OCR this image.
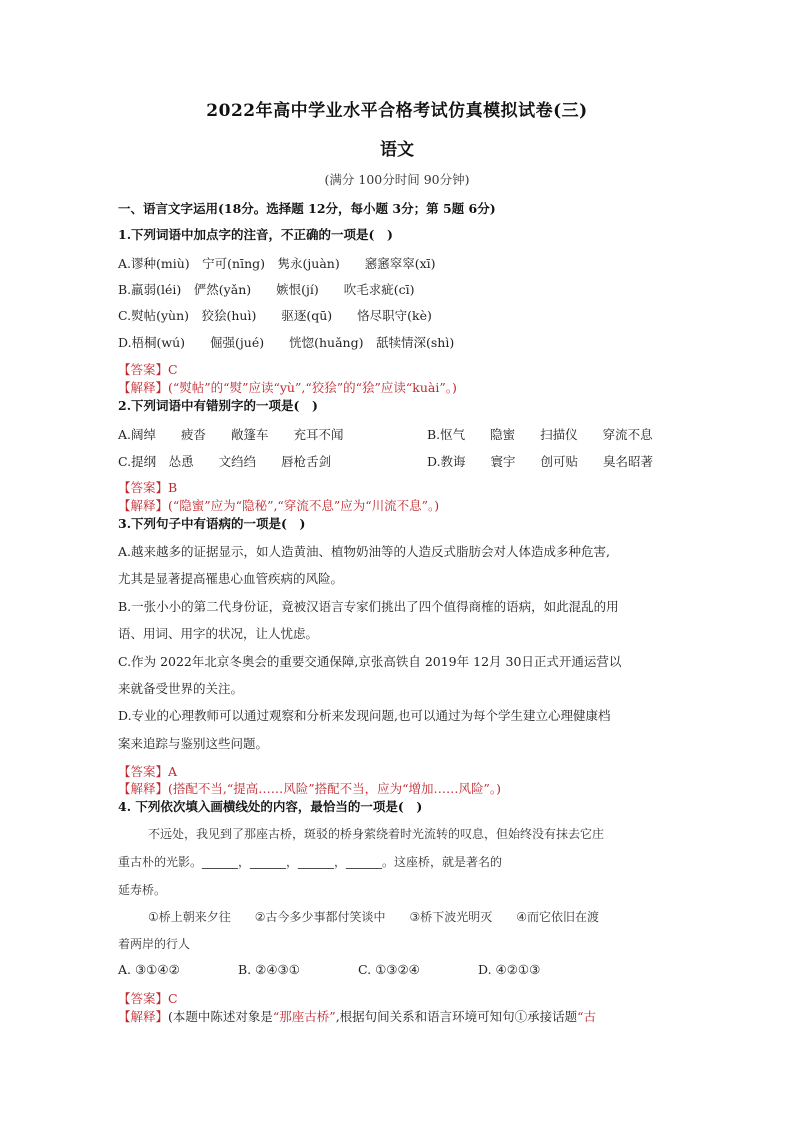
2022年高中学业水平合格考试仿真模拟试卷(三)
语文
(满分 100分时间 90分钟)
一、语言文字运用(18分。选择题 12分，每小题 3分；第 5题 6分)
1.下列词语中加点字的注音，不正确的一项是(　)
A.谬种(miù)　宁可(nīng)　隽永(juàn)　　窸窸窣窣(xī)
B.羸弱(léi)　俨然(yǎn)　　嫉恨(jí)　　吹毛求疵(cī)
C.熨帖(yùn)　狡狯(huì)　　驱逐(qū)　　恪尽职守(kè)
D.梧桐(wú)　　倔强(jué)　　恍惚(huǎng)　舐犊情深(shì)
【答案】C
【解释】(“熨帖”的“熨”应读“yù”,“狡狯”的“狯”应读“kuài”。)
2.下列词语中有错别字的一项是(　)
A.阔绰　　疲沓　　敞篷车　　充耳不闻	B.怄气　　隐蜜　　扫描仪　　穿流不息
C.提纲　怂恿　　文绉绉　　唇枪舌剑	D.教诲　　寰宇　　创可贴　　臭名昭著
【答案】B
【解释】(“隐蜜”应为“隐秘”,“穿流不息”应为“川流不息”。)
3.下列句子中有语病的一项是(　)
A.越来越多的证据显示，如人造黄油、植物奶油等的人造反式脂肪会对人体造成多种危害,
尤其是显著提高罹患心血管疾病的风险。
B.一张小小的第二代身份证，竟被汉语言专家们挑出了四个值得商榷的语病，如此混乱的用
语、用词、用字的状况，让人忧虑。
C.作为 2022年北京冬奥会的重要交通保障,京张高铁自 2019年 12月 30日正式开通运营以
来就备受世界的关注。
D.专业的心理教师可以通过观察和分析来发现问题,也可以通过为每个学生建立心理健康档
案来追踪与鉴别这些问题。
【答案】A
【解释】(搭配不当,“提高……风险”搭配不当，应为“增加……风险”。)
4. 下列依次填入画横线处的内容，最恰当的一项是(　)
不远处，我见到了那座古桥，斑驳的桥身萦绕着时光流转的叹息，但始终没有抹去它庄
重古朴的光影。______，______，______，______。这座桥，就是著名的
延寿桥。
①桥上朝来夕往　　②古今多少事都付笑谈中　　③桥下波光明灭　　④而它依旧在渡
着两岸的行人
A. ③①④②	B. ②④③①	C. ①③②④	D. ④②①③
【答案】C
【解释】(本题中陈述对象是“那座古桥”,根据句间关系和语言环境可知句①承接话题“古
